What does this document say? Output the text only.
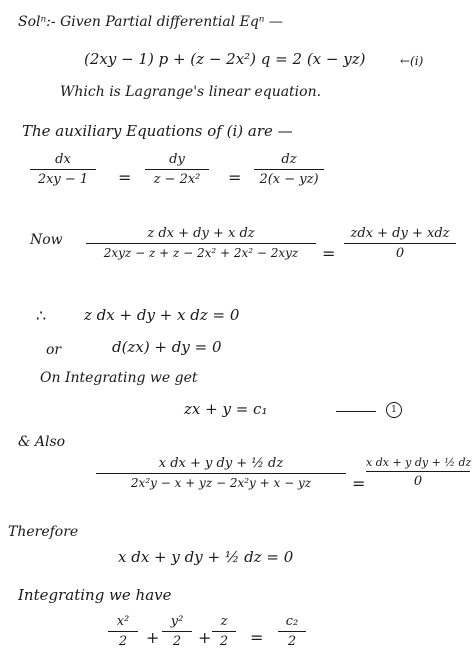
Solⁿ:- Given Partial differential Eqⁿ —
(2xy − 1) p + (z − 2x²) q = 2 (x − yz)	←(i)
Which is Lagrange's linear equation.
The auxiliary Equations of (i) are —
dx
2xy − 1	=
dy
z − 2x²	=
dz
2(x − yz)
Now	z dx + dy + x dz
2xyz − z + z − 2x² + 2x² − 2xyz	=
zdx + dy + xdz
0
∴	z dx + dy + x dz = 0
or	d(zx) + dy = 0
On Integrating we get
zx + y = c₁	1
& Also
x dx + y dy + ½ dz
2x²y − x + yz − 2x²y + x − yz	=
x dx + y dy + ½ dz
0
Therefore
x dx + y dy + ½ dz = 0
Integrating we have
x²
2	+
y²
2	+
z
2	=
c₂
2
